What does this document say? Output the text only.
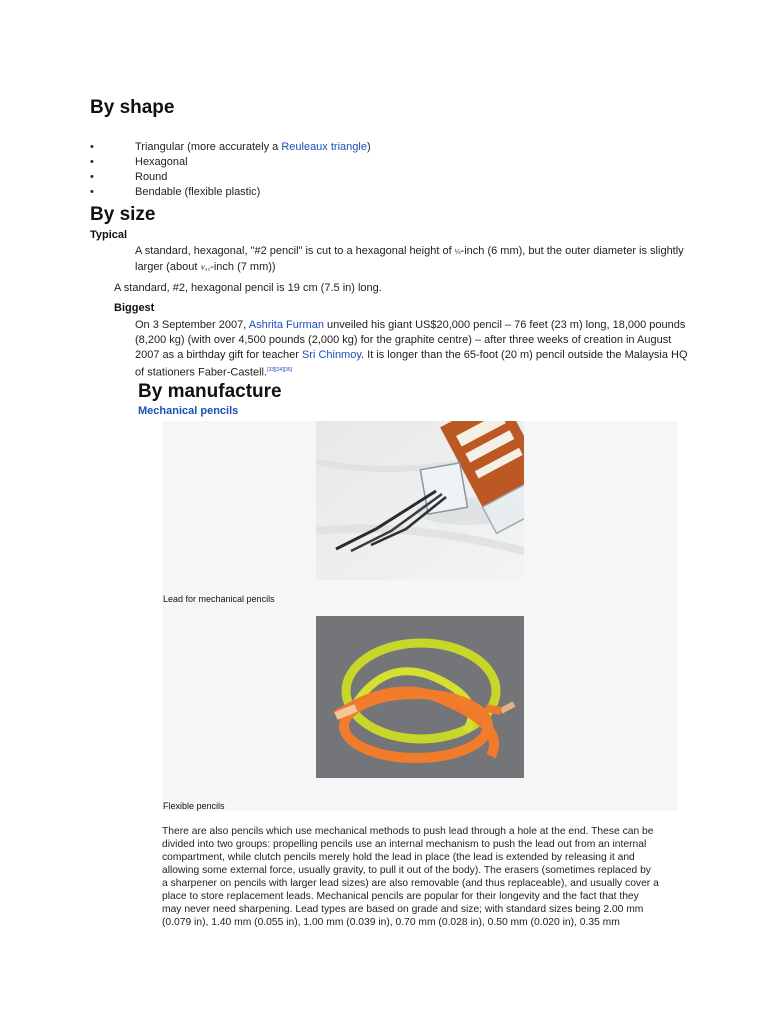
By shape
•	Triangular (more accurately a Reuleaux triangle)
•	Hexagonal
•	Round
•	Bendable (flexible plastic)
By size
Typical
A standard, hexagonal, "#2 pencil" is cut to a hexagonal height of ¼-inch (6 mm), but the outer diameter is slightly
larger (about ⁹⁄₃₂-inch (7 mm))
A standard, #2, hexagonal pencil is 19 cm (7.5 in) long.
Biggest
On 3 September 2007, Ashrita Furman unveiled his giant US$20,000 pencil – 76 feet (23 m) long, 18,000 pounds
(8,200 kg) (with over 4,500 pounds (2,000 kg) for the graphite centre) – after three weeks of creation in August
2007 as a birthday gift for teacher Sri Chinmoy. It is longer than the 65-foot (20 m) pencil outside the Malaysia HQ
of stationers Faber-Castell.[33][34][35]
By manufacture
Mechanical pencils
Lead for mechanical pencils
Flexible pencils
There are also pencils which use mechanical methods to push lead through a hole at the end. These can be
divided into two groups: propelling pencils use an internal mechanism to push the lead out from an internal
compartment, while clutch pencils merely hold the lead in place (the lead is extended by releasing it and
allowing some external force, usually gravity, to pull it out of the body). The erasers (sometimes replaced by
a sharpener on pencils with larger lead sizes) are also removable (and thus replaceable), and usually cover a
place to store replacement leads. Mechanical pencils are popular for their longevity and the fact that they
may never need sharpening. Lead types are based on grade and size; with standard sizes being 2.00 mm
(0.079 in), 1.40 mm (0.055 in), 1.00 mm (0.039 in), 0.70 mm (0.028 in), 0.50 mm (0.020 in), 0.35 mm
